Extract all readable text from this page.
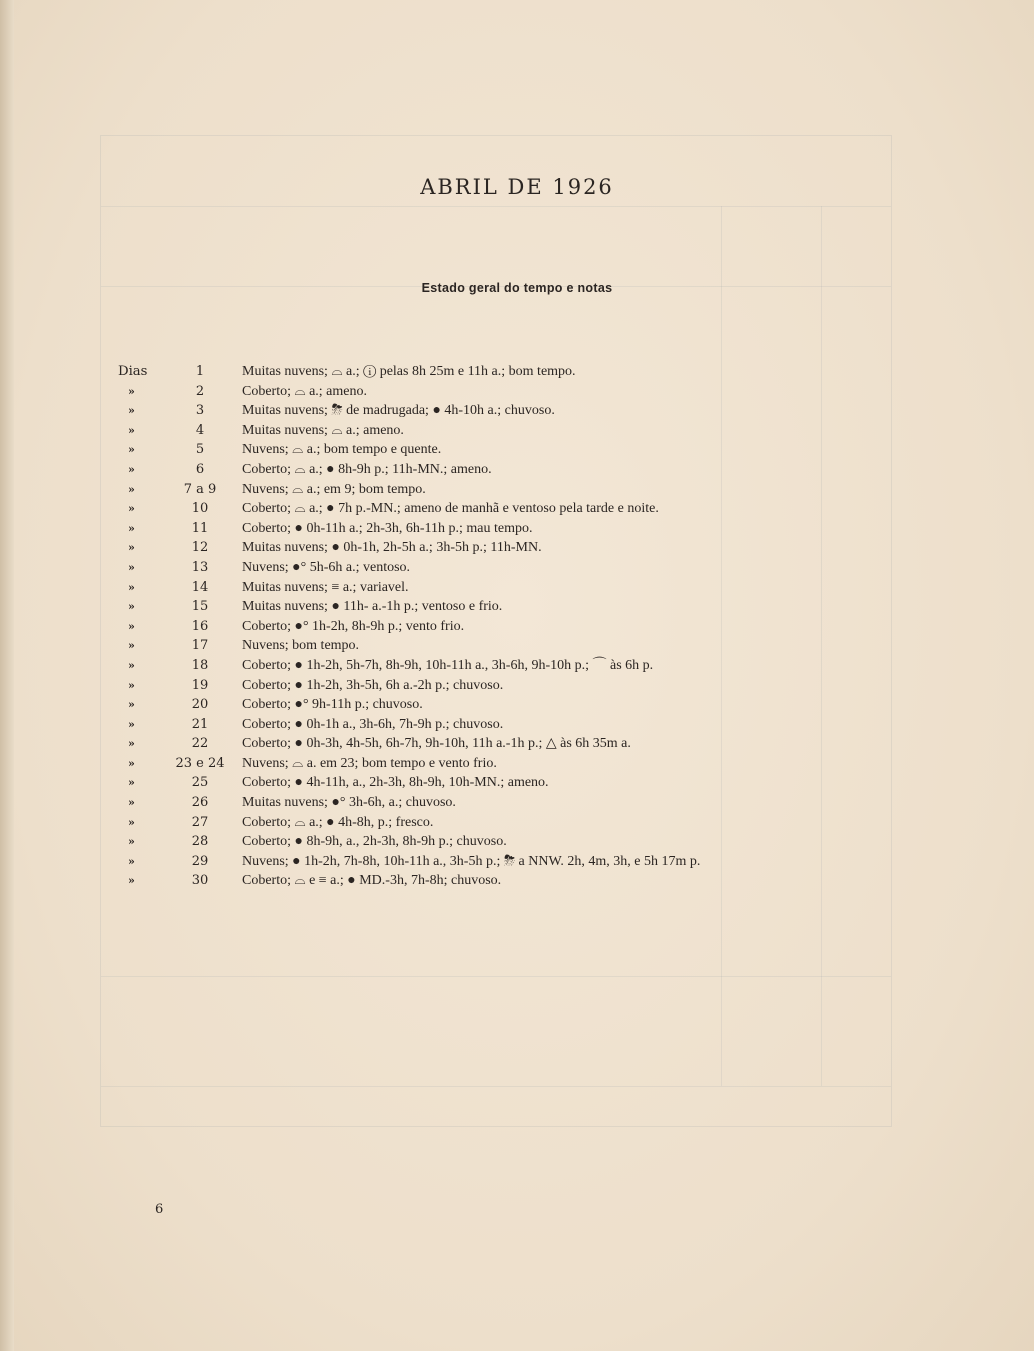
ABRIL DE 1926
Estado geral do tempo e notas
Dias	1	Muitas nuvens; ⌓ a.; ⓘ pelas 8h 25m e 11h a.; bom tempo.
»	2	Coberto; ⌓ a.; ameno.
»	3	Muitas nuvens; ⛈ de madrugada; ● 4h-10h a.; chuvoso.
»	4	Muitas nuvens; ⌓ a.; ameno.
»	5	Nuvens; ⌓ a.; bom tempo e quente.
»	6	Coberto; ⌓ a.; ● 8h-9h p.; 11h-MN.; ameno.
»	7 a 9	Nuvens; ⌓ a.; em 9; bom tempo.
»	10	Coberto; ⌓ a.; ● 7h p.-MN.; ameno de manhã e ventoso pela tarde e noite.
»	11	Coberto; ● 0h-11h a.; 2h-3h, 6h-11h p.; mau tempo.
»	12	Muitas nuvens; ● 0h-1h, 2h-5h a.; 3h-5h p.; 11h-MN.
»	13	Nuvens; ●° 5h-6h a.; ventoso.
»	14	Muitas nuvens; ≡ a.; variavel.
»	15	Muitas nuvens; ● 11h- a.-1h p.; ventoso e frio.
»	16	Coberto; ●° 1h-2h, 8h-9h p.; vento frio.
»	17	Nuvens; bom tempo.
»	18	Coberto; ● 1h-2h, 5h-7h, 8h-9h, 10h-11h a., 3h-6h, 9h-10h p.; ⌒ às 6h p.
»	19	Coberto; ● 1h-2h, 3h-5h, 6h a.-2h p.; chuvoso.
»	20	Coberto; ●° 9h-11h p.; chuvoso.
»	21	Coberto; ● 0h-1h a., 3h-6h, 7h-9h p.; chuvoso.
»	22	Coberto; ● 0h-3h, 4h-5h, 6h-7h, 9h-10h, 11h a.-1h p.; △ às 6h 35m a.
»	23 e 24	Nuvens; ⌓ a. em 23; bom tempo e vento frio.
»	25	Coberto; ● 4h-11h, a., 2h-3h, 8h-9h, 10h-MN.; ameno.
»	26	Muitas nuvens; ●° 3h-6h, a.; chuvoso.
»	27	Coberto; ⌓ a.; ● 4h-8h, p.; fresco.
»	28	Coberto; ● 8h-9h, a., 2h-3h, 8h-9h p.; chuvoso.
»	29	Nuvens; ● 1h-2h, 7h-8h, 10h-11h a., 3h-5h p.; ⛈ a NNW. 2h, 4m, 3h, e 5h 17m p.
»	30	Coberto; ⌓ e ≡ a.; ● MD.-3h, 7h-8h; chuvoso.
6
